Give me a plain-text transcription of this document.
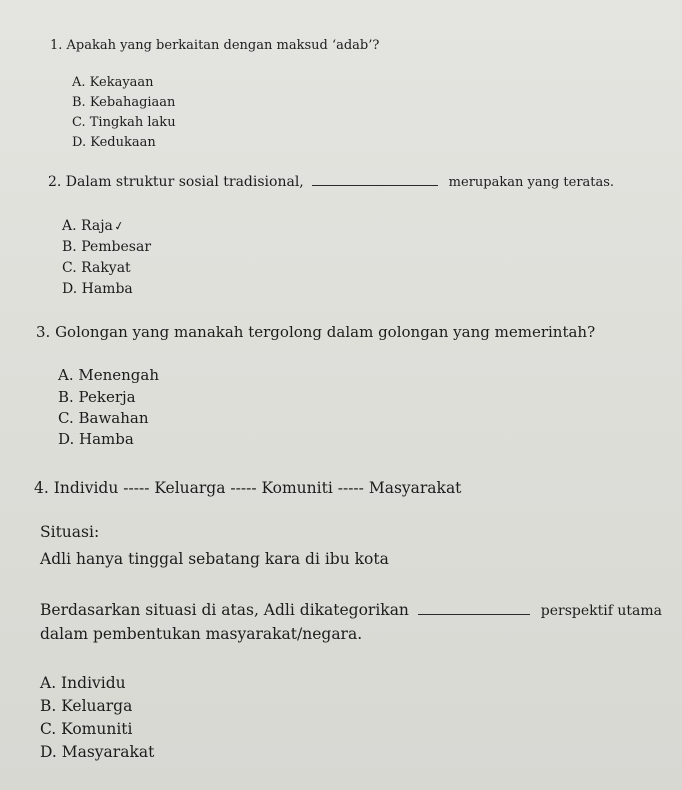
1. Apakah yang berkaitan dengan maksud ‘adab’?
A. Kekayaan
B. Kebahagiaan
C. Tingkah laku
D. Kedukaan
2. Dalam struktur sosial tradisional,	merupakan yang teratas.
A. Raja✓
B. Pembesar
C. Rakyat
D. Hamba
3. Golongan yang manakah tergolong dalam golongan yang memerintah?
A. Menengah
B. Pekerja
C. Bawahan
D. Hamba
4. Individu ----- Keluarga ----- Komuniti ----- Masyarakat
Situasi:
Adli hanya tinggal sebatang kara di ibu kota
Berdasarkan situasi di atas, Adli dikategorikan	perspektif utama
dalam pembentukan masyarakat/negara.
A. Individu
B. Keluarga
C. Komuniti
D. Masyarakat
